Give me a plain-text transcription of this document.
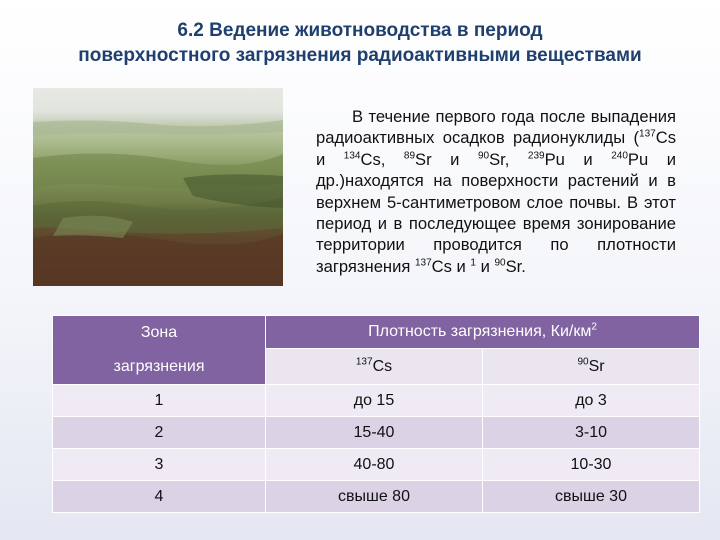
6.2 Ведение животноводства в период
поверхностного загрязнения радиоактивными веществами
В течение первого года после выпадения радиоактивных осадков радионуклиды ($^{137}$Cs и $^{134}$Cs, $^{89}$Sr и $^{90}$Sr, $^{239}$Pu и $^{240}$Pu и др.)находятся на поверхности растений и в верхнем 5-сантиметровом слое почвы. В этот период и в последующее время зонирование территории проводится по плотности загрязнения $^{137}$Cs и $^1$ и $^{90}$Sr.
Зона
загрязнения	Плотность загрязнения, $Ки/км^2$
	$^{137}$Cs	$^{90}$Sr
1	до 15	до 3
2	15-40	3-10
3	40-80	10-30
4	свыше 80	свыше 30
